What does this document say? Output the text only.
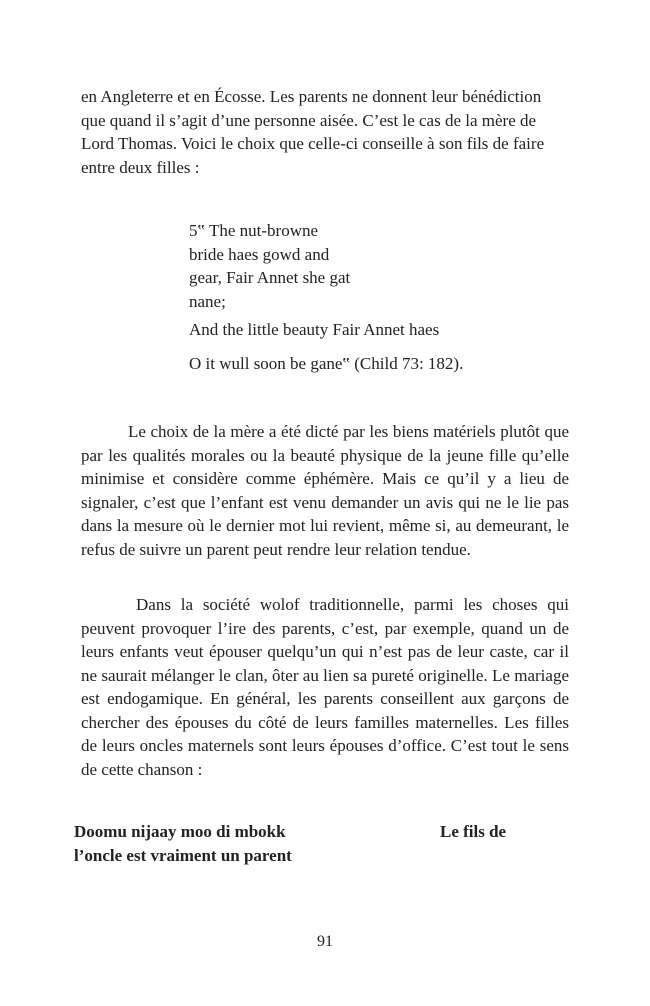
en Angleterre et en Écosse. Les parents ne donnent leur bénédiction que quand il s’agit d’une personne aisée. C’est le cas de la mère de Lord Thomas. Voici le choix que celle-ci conseille à son fils de faire entre deux filles :

5‟ The nut-browne
bride haes gowd and
gear, Fair Annet she gat
nane;

And the little beauty Fair Annet haes

O it wull soon be gane‟ (Child 73: 182).

Le choix de la mère a été dicté par les biens matériels plutôt que par les qualités morales ou la beauté physique de la jeune fille qu’elle minimise et considère comme éphémère. Mais ce qu’il y a lieu de signaler, c’est que l’enfant est venu demander un avis qui ne le lie pas dans la mesure où le dernier mot lui revient, même si, au demeurant, le refus de suivre un parent peut rendre leur relation tendue.

Dans la société wolof traditionnelle, parmi les choses qui peuvent provoquer l’ire des parents, c’est, par exemple, quand un de leurs enfants veut épouser quelqu’un qui n’est pas de leur caste, car il ne saurait mélanger le clan, ôter au lien sa pureté originelle. Le mariage est endogamique. En général, les parents conseillent aux garçons de chercher des épouses du côté de leurs familles maternelles. Les filles de leurs oncles maternels sont leurs épouses d’office. C’est tout le sens de cette chanson :

Doomu nijaay moo di mbokk l’oncle est vraiment un parent

Le fils de

91
